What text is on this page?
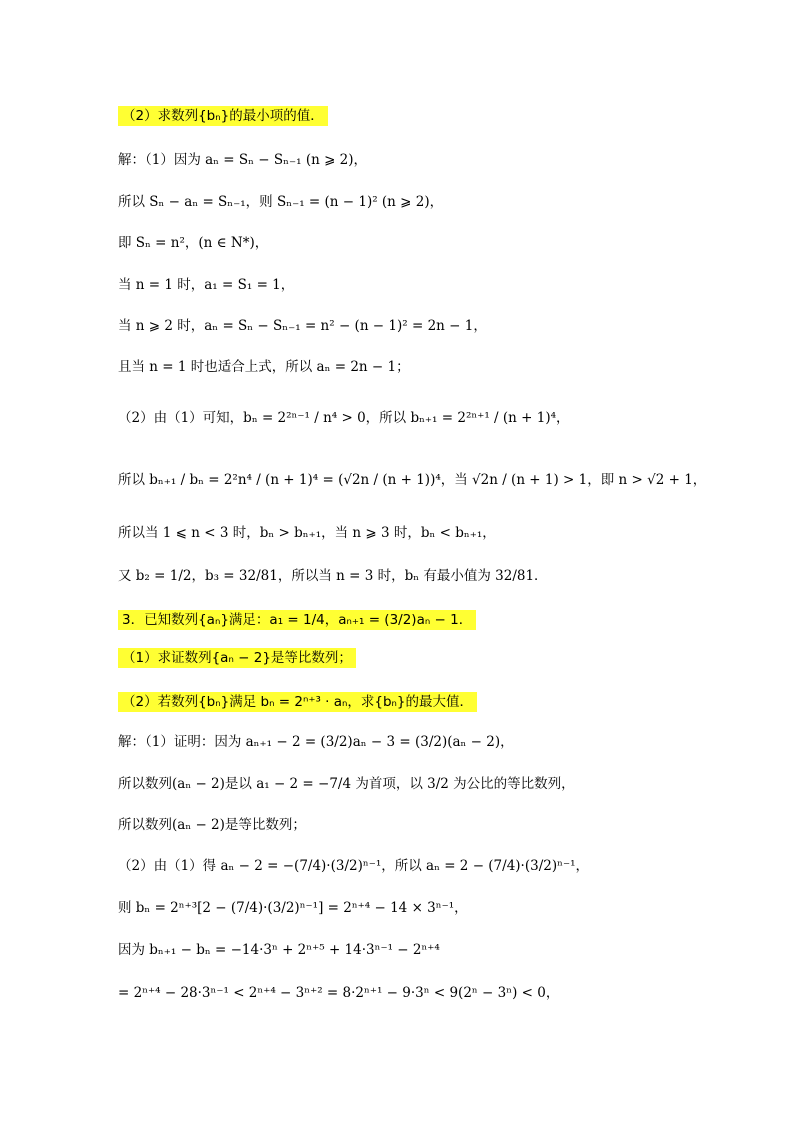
（2）求数列{bₙ}的最小项的值．
解：（1）因为 aₙ = Sₙ − Sₙ₋₁ (n ⩾ 2)，
所以 Sₙ − aₙ = Sₙ₋₁，则 Sₙ₋₁ = (n − 1)² (n ⩾ 2)，
即 Sₙ = n²，(n ∈ N*)，
当 n = 1 时，a₁ = S₁ = 1，
当 n ⩾ 2 时，aₙ = Sₙ − Sₙ₋₁ = n² − (n − 1)² = 2n − 1，
且当 n = 1 时也适合上式，所以 aₙ = 2n − 1；
（2）由（1）可知，bₙ = 2²ⁿ⁻¹ / n⁴ > 0，所以 bₙ₊₁ = 2²ⁿ⁺¹ / (n + 1)⁴，
所以 bₙ₊₁ / bₙ = 2²n⁴ / (n + 1)⁴ = (√2n / (n + 1))⁴，当 √2n / (n + 1) > 1，即 n > √2 + 1，
所以当 1 ⩽ n < 3 时，bₙ > bₙ₊₁，当 n ⩾ 3 时，bₙ < bₙ₊₁，
又 b₂ = 1/2，b₃ = 32/81，所以当 n = 3 时，bₙ 有最小值为 32/81．
3．已知数列{aₙ}满足：a₁ = 1/4，aₙ₊₁ = (3/2)aₙ − 1．
（1）求证数列{aₙ − 2}是等比数列；
（2）若数列{bₙ}满足 bₙ = 2ⁿ⁺³ · aₙ，求{bₙ}的最大值．
解：（1）证明：因为 aₙ₊₁ − 2 = (3/2)aₙ − 3 = (3/2)(aₙ − 2)，
所以数列(aₙ − 2)是以 a₁ − 2 = −7/4 为首项，以 3/2 为公比的等比数列，
所以数列(aₙ − 2)是等比数列；
（2）由（1）得 aₙ − 2 = −(7/4)·(3/2)ⁿ⁻¹，所以 aₙ = 2 − (7/4)·(3/2)ⁿ⁻¹，
则 bₙ = 2ⁿ⁺³[2 − (7/4)·(3/2)ⁿ⁻¹] = 2ⁿ⁺⁴ − 14 × 3ⁿ⁻¹，
因为 bₙ₊₁ − bₙ = −14·3ⁿ + 2ⁿ⁺⁵ + 14·3ⁿ⁻¹ − 2ⁿ⁺⁴
= 2ⁿ⁺⁴ − 28·3ⁿ⁻¹ < 2ⁿ⁺⁴ − 3ⁿ⁺² = 8·2ⁿ⁺¹ − 9·3ⁿ < 9(2ⁿ − 3ⁿ) < 0，
